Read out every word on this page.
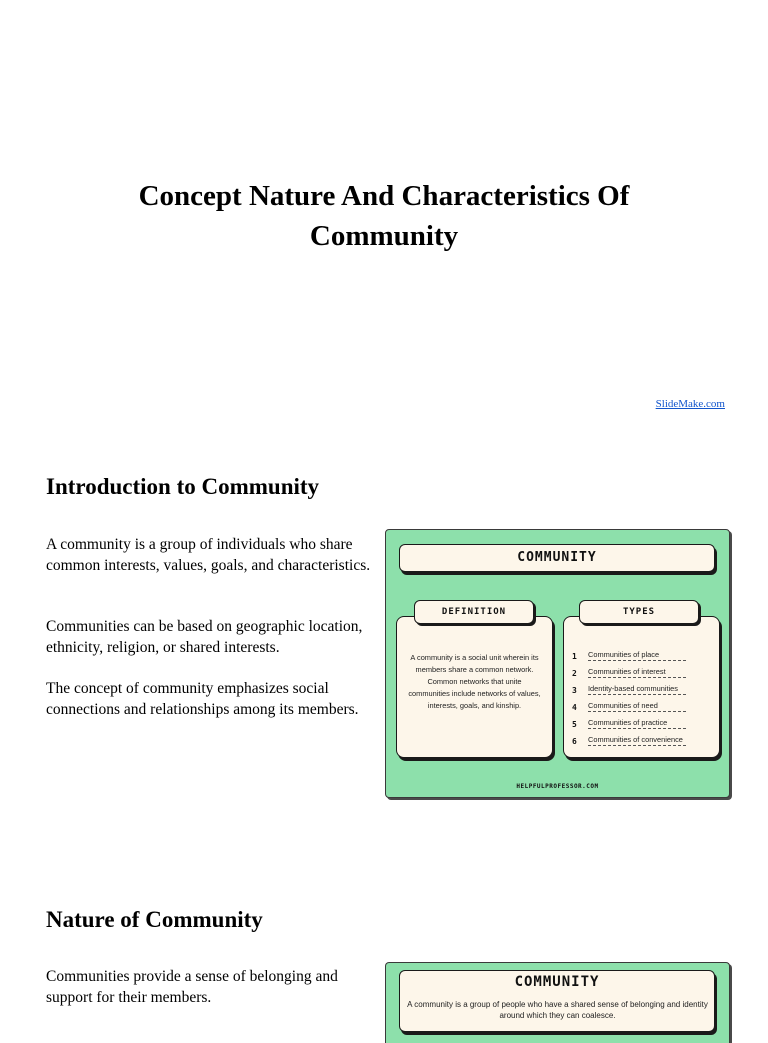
Concept Nature And Characteristics Of Community
SlideMake.com
Introduction to Community

A community is a group of individuals who share common interests, values, goals, and characteristics.

Communities can be based on geographic location, ethnicity, religion, or shared interests.

The concept of community emphasizes social connections and relationships among its members.

COMMUNITY
A community is a social unit wherein its members share a common network. Common networks that unite communities include networks of values, interests, goals, and kinship.
DEFINITION
1	Communities of place
2	Communities of interest
3	Identity-based communities
4	Communities of need
5	Communities of practice
6	Communities of convenience
TYPES
HELPFULPROFESSOR.COM
Nature of Community

Communities provide a sense of belonging and support for their members.

COMMUNITY
A community is a group of people who have a shared sense of belonging and identity around which they can coalesce.
